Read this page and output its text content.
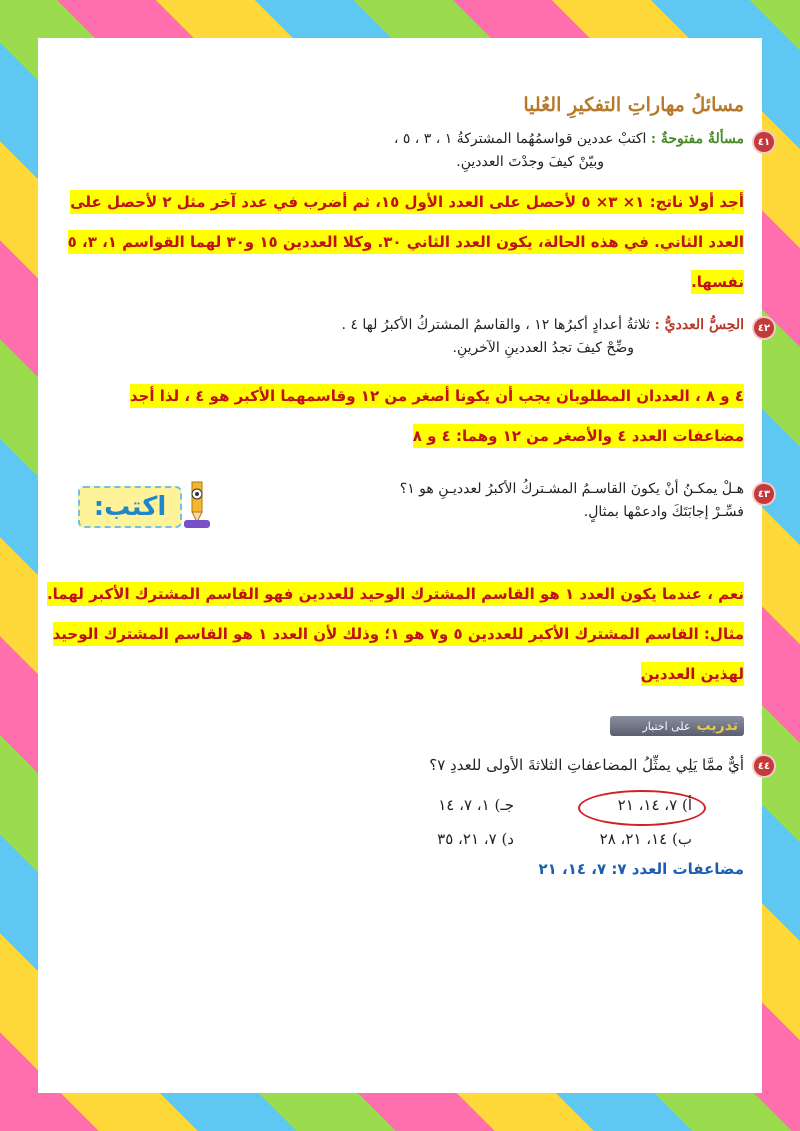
مسائلُ مهاراتِ التفكيرِ العُليا
٤١
مسألةٌ مفتوحةٌ : اكتبْ عددين قواسمُهُما المشتركةُ ١ ، ٣ ، ٥ ،
وبيّنْ كيفَ وجدْتَ العددينِ.
أجد أولا ناتج: ١× ٣× ٥ لأحصل على العدد الأول ١٥، ثم أضرب في عدد آخر مثل ٢ لأحصل على العدد الثاني. في هذه الحالة، يكون العدد الثاني ٣٠. وكلا العددين ١٥ و٣٠ لهما القواسم ١، ٣، ٥ نفسها.
٤٢
الحِسُّ العدديُّ : ثلاثةُ أعدادٍ أكبرُها ١٢ ، والقاسمُ المشتركُ الأكبرُ لها ٤ .
وضِّحْ كيفَ تجدُ العددينِ الآخرينِ.
٤ و ٨ ، العددان المطلوبان يجب أن يكونا أصغر من ١٢ وقاسمهما الأكبر هو ٤ ، لذا أجد
مضاعفات العدد ٤ والأصغر من ١٢ وهما: ٤ و ٨
٤٣
هـلْ يمكـنُ أنْ يكونَ القاسـمُ المشـتركُ الأكبرُ لعدديـنِ هو ١؟
فسِّـرْ إجابَتَكَ وادعمْها بمثالٍ.
اكتب:
نعم ، عندما يكون العدد ١ هو القاسم المشترك الوحيد للعددين فهو القاسم المشترك الأكبر لهما. مثال: القاسم المشترك الأكبر للعددين ٥ و٧ هو ١؛ وذلك لأن العدد ١ هو القاسم المشترك الوحيد لهذين العددين
تدريب
على اختبار
٤٤
أيٌّ ممَّا يَلِي يمثِّلُ المضاعفاتِ الثلاثةَ الأولى للعددِ ٧؟
أ) ٧، ١٤، ٢١
جـ) ١، ٧، ١٤
ب) ١٤، ٢١، ٢٨
د) ٧، ٢١، ٣٥
مضاعفات العدد ٧: ٧، ١٤، ٢١
